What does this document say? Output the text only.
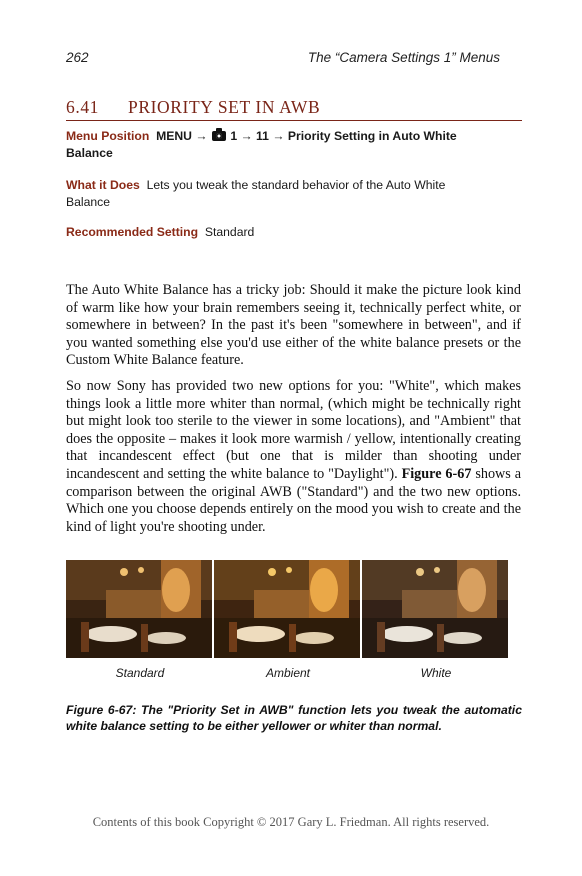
262	The “Camera Settings 1” Menus
6.41	PRIORITY SET IN AWB
Menu Position MENU → 1 → 11 → Priority Setting in Auto White
Balance
What it Does Lets you tweak the standard behavior of the Auto White
Balance
Recommended Setting Standard

The Auto White Balance has a tricky job: Should it make the picture look kind of warm like how your brain remembers seeing it, technically perfect white, or somewhere in between? In the past it's been "somewhere in between", and if you wanted something else you'd use either of the white balance presets or the Custom White Balance feature.

So now Sony has provided two new options for you: "White", which makes things look a little more whiter than normal, (which might be technically right but might look too sterile to the viewer in some locations), and "Ambient" that does the opposite – makes it look more warmish / yellow, intentionally creating that incandescent effect (but one that is milder than shooting under incandescent and setting the white balance to "Daylight"). Figure 6-67 shows a comparison between the original AWB ("Standard") and the two new options. Which one you choose depends entirely on the mood you wish to create and the kind of light you're shooting under.

Standard	Ambient	White
Figure 6-67: The "Priority Set in AWB" function lets you tweak the automatic white balance setting to be either yellower or whiter than normal.
Contents of this book Copyright © 2017 Gary L. Friedman. All rights reserved.
